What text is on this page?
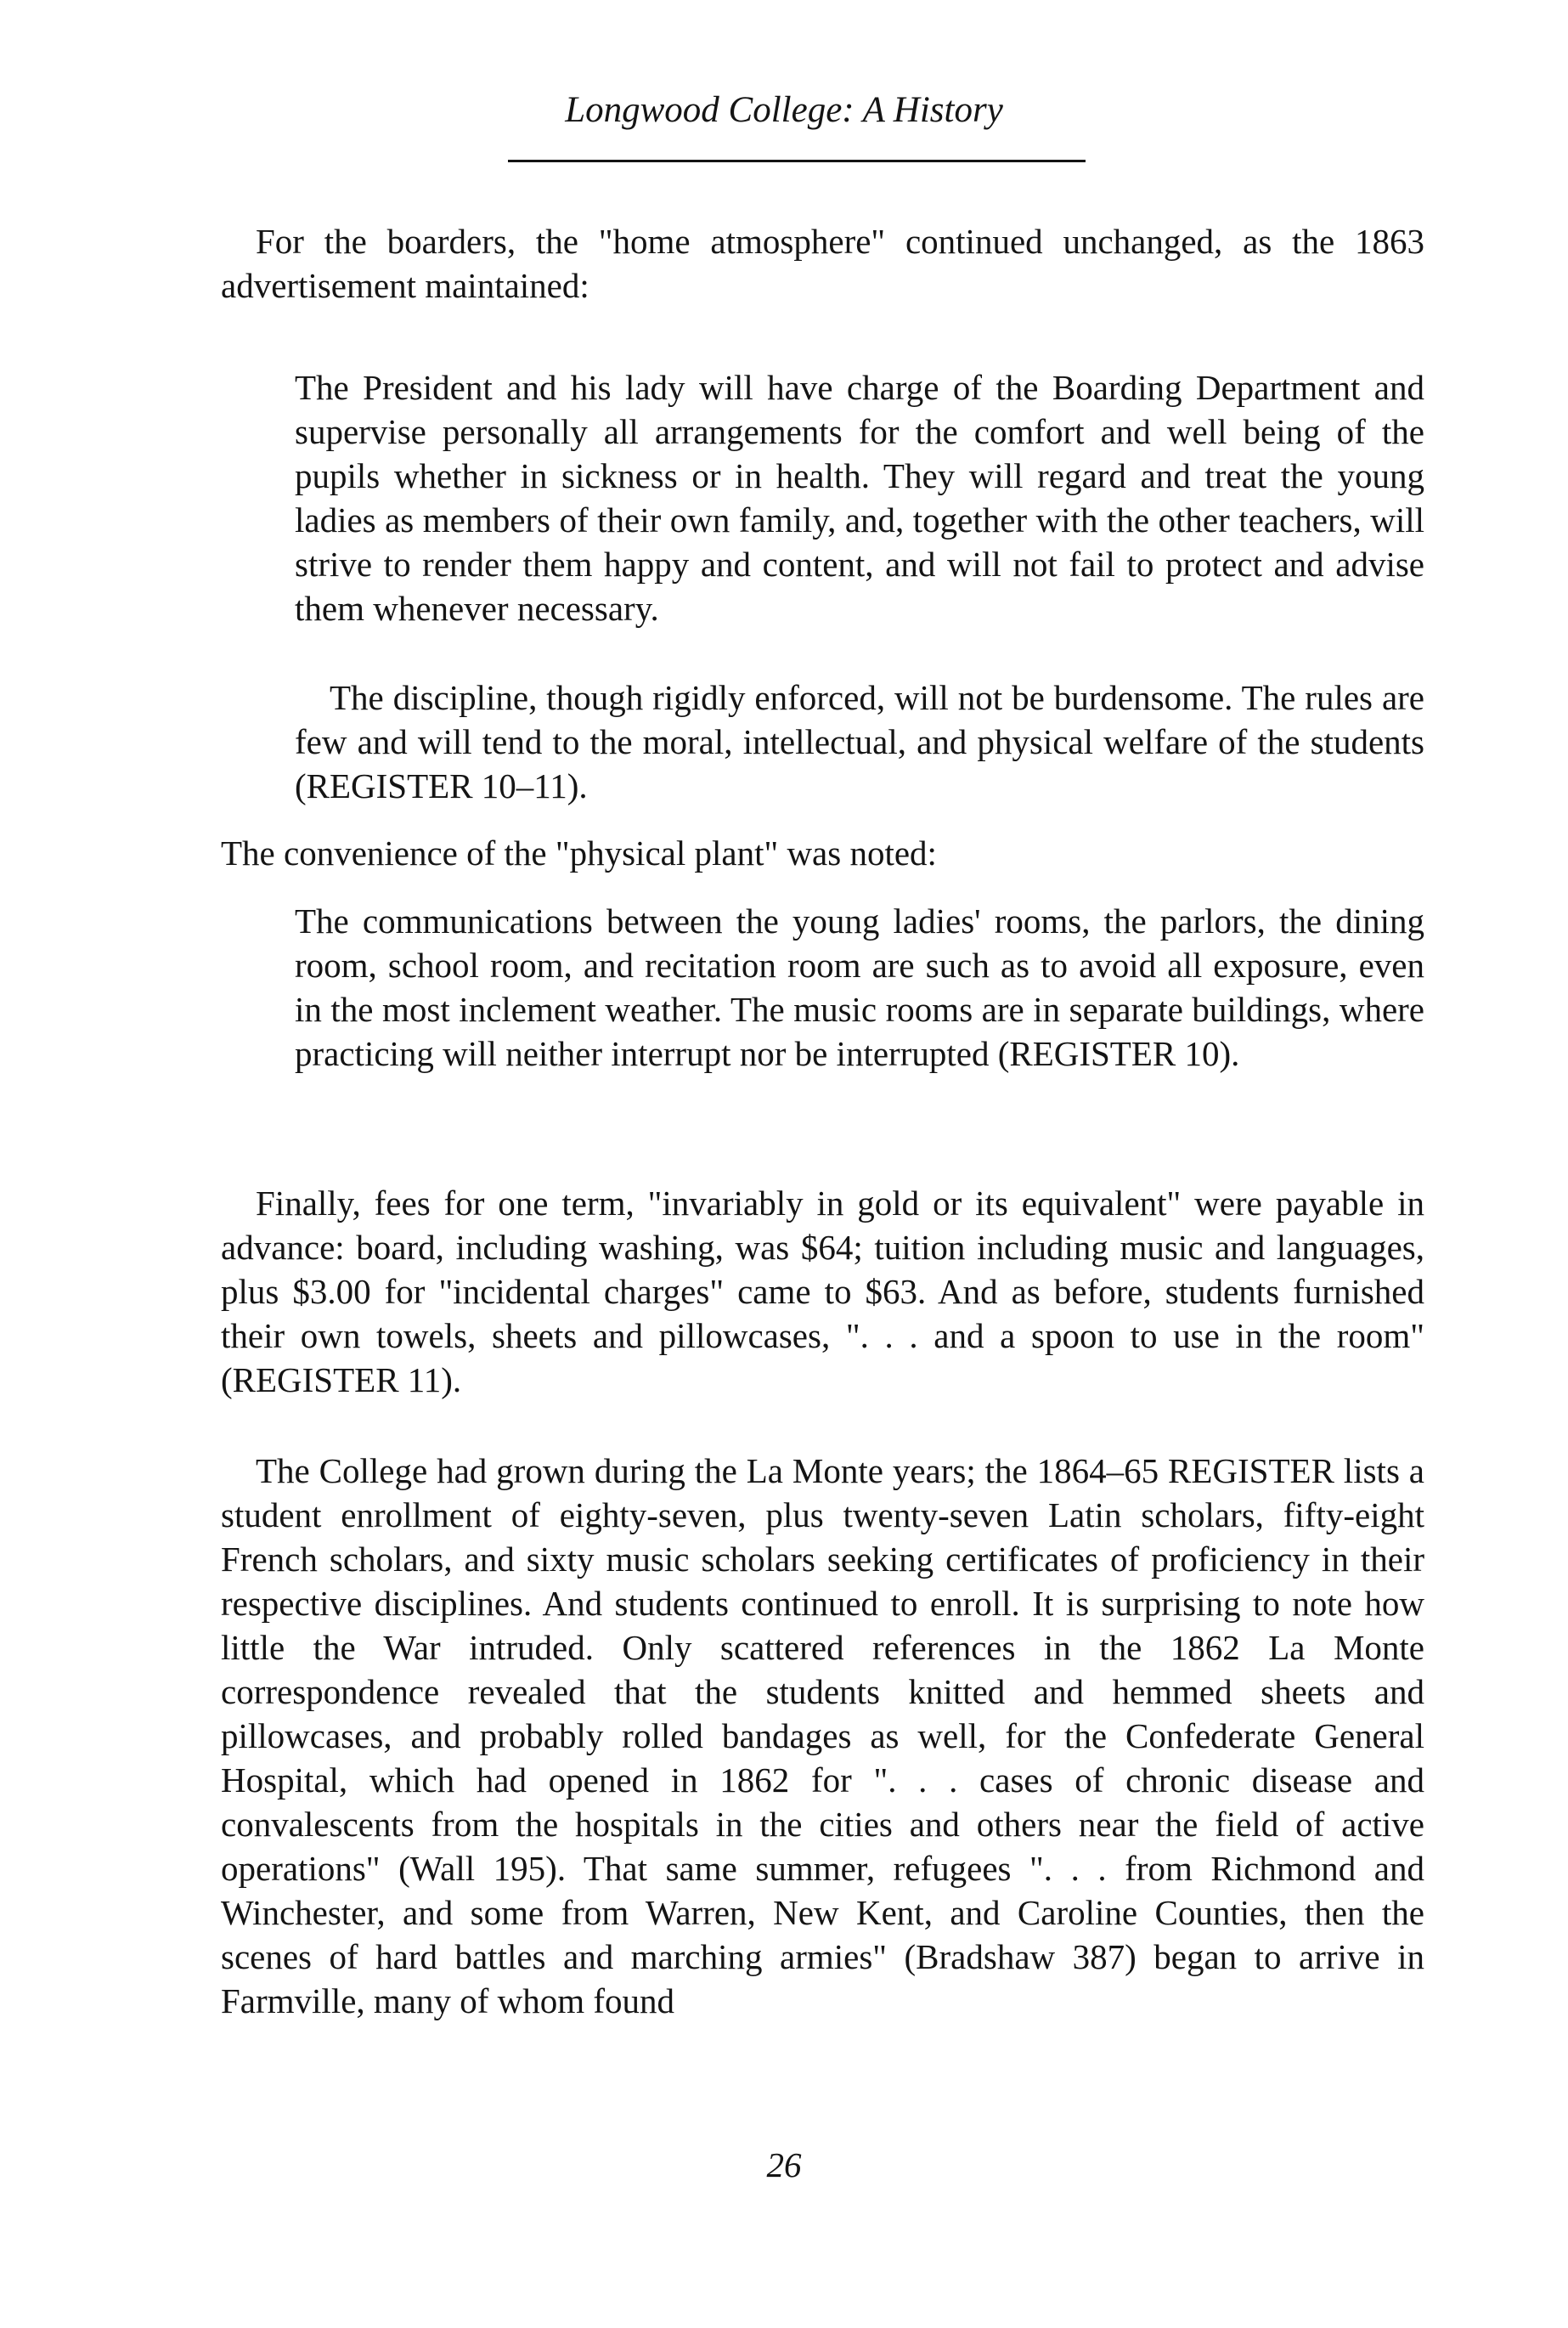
Longwood College: A History

For the boarders, the "home atmosphere" continued unchanged, as the 1863 advertisement maintained:

The President and his lady will have charge of the Boarding Department and supervise personally all arrangements for the comfort and well being of the pupils whether in sickness or in health. They will regard and treat the young ladies as members of their own family, and, together with the other teachers, will strive to render them happy and content, and will not fail to protect and advise them whenever necessary.

The discipline, though rigidly enforced, will not be burdensome. The rules are few and will tend to the moral, intellectual, and physical welfare of the students (REGISTER 10–11).

The convenience of the "physical plant" was noted:

The communications between the young ladies' rooms, the parlors, the dining room, school room, and recitation room are such as to avoid all exposure, even in the most inclement weather. The music rooms are in separate buildings, where practicing will neither interrupt nor be interrupted (REGISTER 10).

Finally, fees for one term, "invariably in gold or its equivalent" were payable in advance: board, including washing, was $64; tuition including music and languages, plus $3.00 for "incidental charges" came to $63. And as before, students furnished their own towels, sheets and pillowcases, ". . . and a spoon to use in the room" (REGISTER 11).

The College had grown during the La Monte years; the 1864–65 REGISTER lists a student enrollment of eighty-seven, plus twenty-seven Latin scholars, fifty-eight French scholars, and sixty music scholars seeking certificates of proficiency in their respective disciplines. And students continued to enroll. It is surprising to note how little the War intruded. Only scattered references in the 1862 La Monte correspondence revealed that the students knitted and hemmed sheets and pillowcases, and probably rolled bandages as well, for the Confederate General Hospital, which had opened in 1862 for ". . . cases of chronic disease and convalescents from the hospitals in the cities and others near the field of active operations" (Wall 195). That same summer, refugees ". . . from Richmond and Winchester, and some from Warren, New Kent, and Caroline Counties, then the scenes of hard battles and marching armies" (Bradshaw 387) began to arrive in Farmville, many of whom found

26
